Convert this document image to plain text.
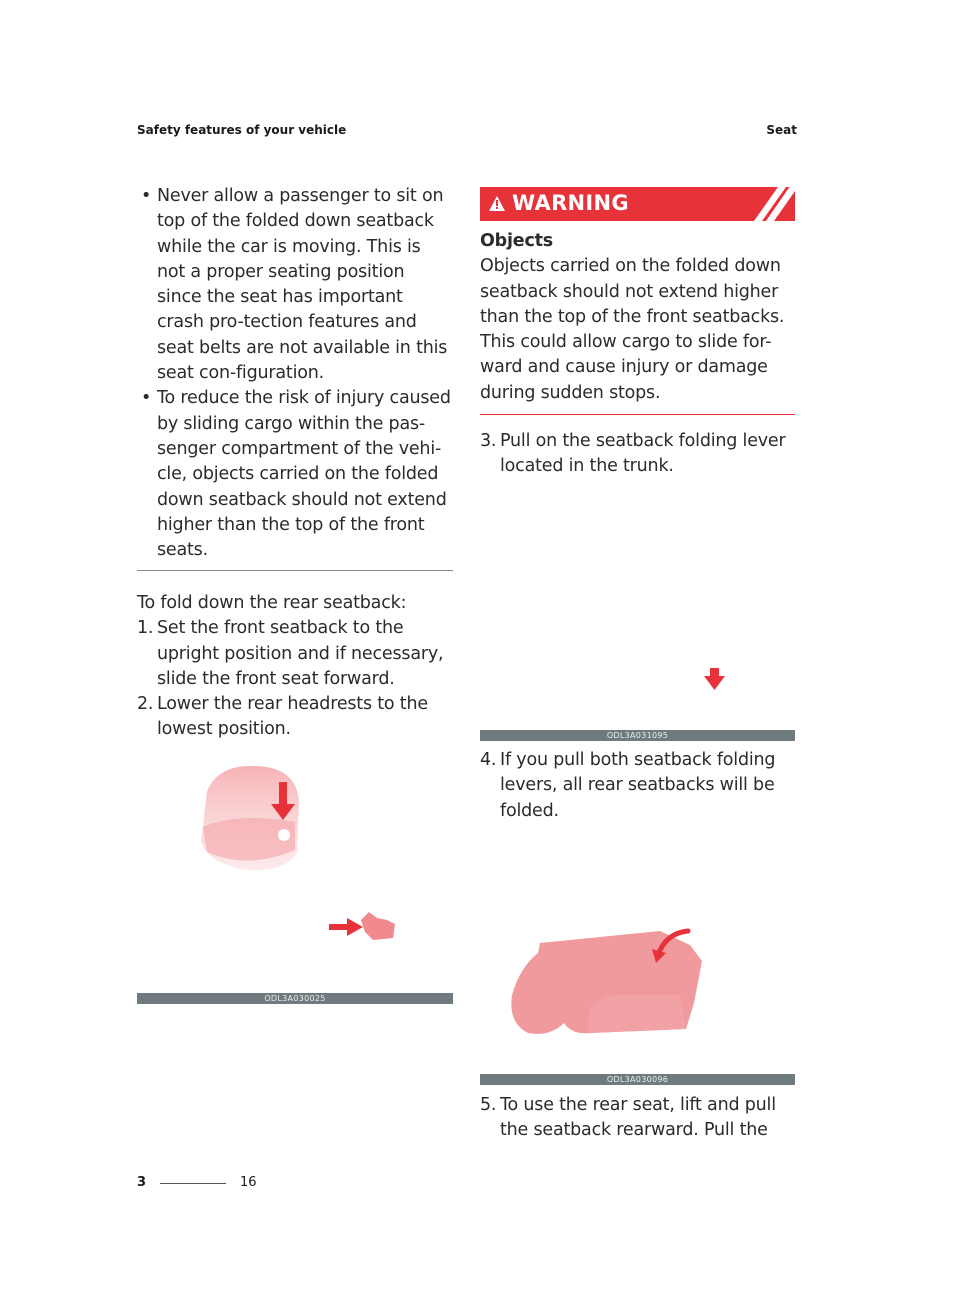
Safety features of your vehicle	Seat
• Never allow a passenger to sit on top of the folded down seatback while the car is moving. This is not a proper seating position since the seat has important crash pro-tection features and seat belts are not available in this seat con-figuration.
• To reduce the risk of injury caused by sliding cargo within the pas-senger compartment of the vehi-cle, objects carried on the folded down seatback should not extend higher than the top of the front seats.
To fold down the rear seatback:
1. Set the front seatback to the upright position and if necessary, slide the front seat forward.
2. Lower the rear headrests to the lowest position.
ODL3A030025
WARNING
Objects
Objects carried on the folded down seatback should not extend higher than the top of the front seatbacks. This could allow cargo to slide for-ward and cause injury or damage during sudden stops.
3. Pull on the seatback folding lever located in the trunk.
ODL3A031095
4. If you pull both seatback folding levers, all rear seatbacks will be folded.
ODL3A030096
5. To use the rear seat, lift and pull the seatback rearward. Pull the
3	16
